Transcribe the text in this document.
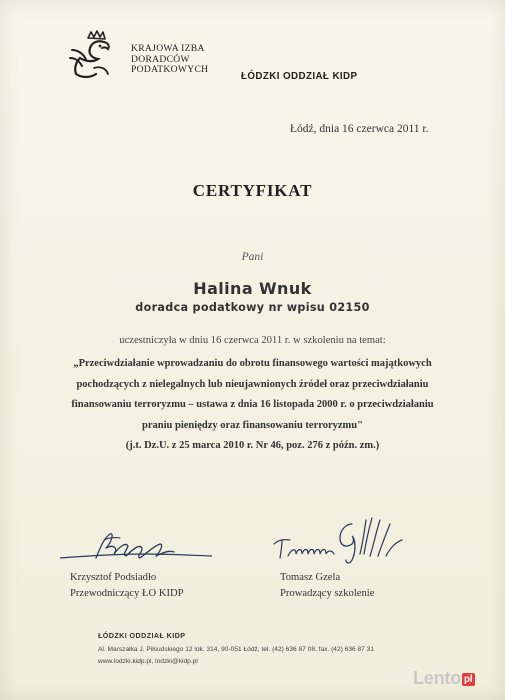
KRAJOWA IZBA
DORADCÓW
PODATKOWYCH
ŁÓDZKI ODDZIAŁ KIDP
Łódź, dnia 16 czerwca 2011 r.
CERTYFIKAT
Pani
Halina Wnuk
doradca podatkowy nr wpisu 02150
uczestniczyła w dniu 16 czerwca 2011 r. w szkoleniu na temat:
„Przeciwdziałanie wprowadzaniu do obrotu finansowego wartości majątkowych
pochodzących z nielegalnych lub nieujawnionych źródeł oraz przeciwdziałaniu
finansowaniu terroryzmu – ustawa z dnia 16 listopada 2000 r. o przeciwdziałaniu
praniu pieniędzy oraz finansowaniu terroryzmu"
(j.t. Dz.U. z 25 marca 2010 r. Nr 46, poz. 276 z późn. zm.)
Krzysztof Podsiadło
Przewodniczący ŁO KIDP
Tomasz Gzela
Prowadzący szkolenie
ŁÓDZKI ODDZIAŁ KIDP
Al. Marszałka J. Piłsudskiego 12 lok. 314, 90-051 Łódź, tel. (42) 636 87 08, fax. (42) 636 87 31
www.lodzki.kidp.pl, lodzki@kidp.pl
Lento pl
